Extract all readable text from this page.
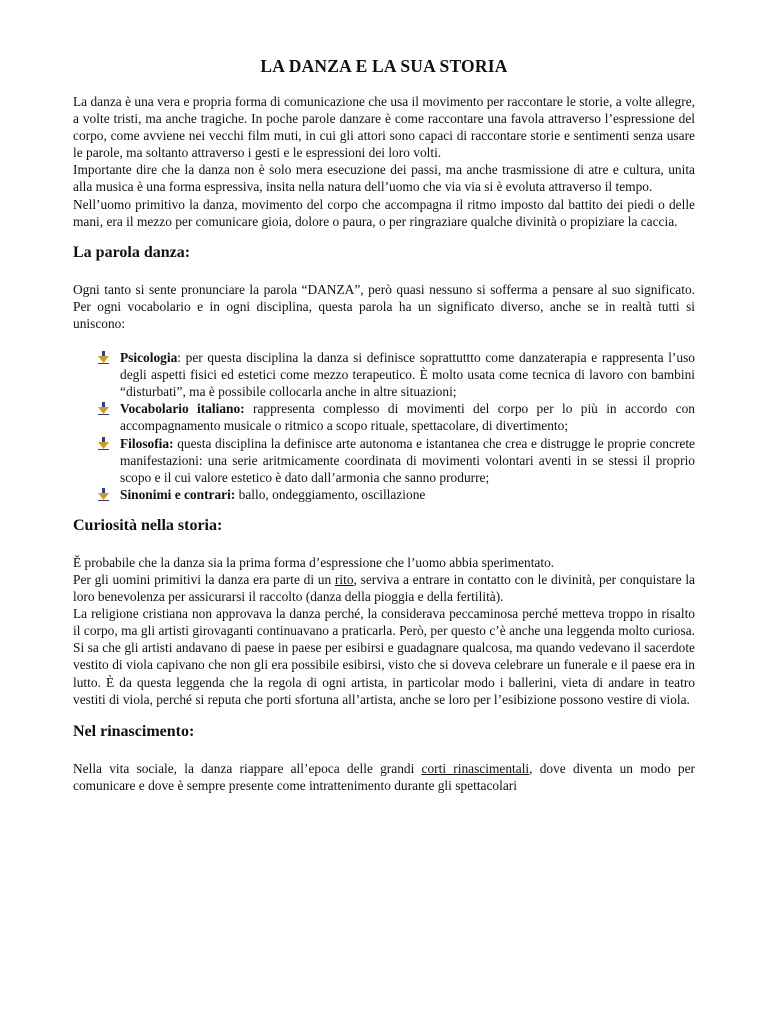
LA DANZA E LA SUA STORIA

La danza è una vera e propria forma di comunicazione che usa il movimento per raccontare le storie, a volte allegre, a volte tristi, ma anche tragiche. In poche parole danzare è come raccontare una favola attraverso l’espressione del corpo, come avviene nei vecchi film muti, in cui gli attori sono capaci di raccontare storie e sentimenti senza usare le parole, ma soltanto attraverso i gesti e le espressioni dei loro volti.

Importante dire che la danza non è solo mera esecuzione dei passi, ma anche trasmissione di atre e cultura, unita alla musica è una forma espressiva, insita nella natura dell’uomo che via via si è evoluta attraverso il tempo.

Nell’uomo primitivo la danza, movimento del corpo che accompagna il ritmo imposto dal battito dei piedi o delle mani, era il mezzo per comunicare gioia, dolore o paura, o per ringraziare qualche divinità o propiziare la caccia.

La parola danza:

Ogni tanto si sente pronunciare la parola “DANZA”, però quasi nessuno si sofferma a pensare al suo significato. Per ogni vocabolario e in ogni disciplina, questa parola ha un significato diverso, anche se in realtà tutti si uniscono:

Psicologia: per questa disciplina la danza si definisce soprattuttto come danzaterapia e rappresenta l’uso degli aspetti fisici ed estetici come mezzo terapeutico. È molto usata come tecnica di lavoro con bambini “disturbati”, ma è possibile collocarla anche in altre situazioni;
Vocabolario italiano: rappresenta complesso di movimenti del corpo per lo più in accordo con accompagnamento musicale o ritmico a scopo rituale, spettacolare, di divertimento;
Filosofia: questa disciplina la definisce arte autonoma e istantanea che crea e distrugge le proprie concrete manifestazioni: una serie aritmicamente coordinata di movimenti volontari aventi in se stessi il proprio scopo e il cui valore estetico è dato dall’armonia che sanno produrre;
Sinonimi e contrari: ballo, ondeggiamento, oscillazione
Curiosità nella storia:

Ě probabile che la danza sia la prima forma d’espressione che l’uomo abbia sperimentato.

Per gli uomini primitivi la danza era parte di un rito, serviva a entrare in contatto con le divinità, per conquistare la loro benevolenza per assicurarsi il raccolto (danza della pioggia e della fertilità).

La religione cristiana non approvava la danza perché, la considerava peccaminosa perché metteva troppo in risalto il corpo, ma gli artisti girovaganti continuavano a praticarla. Però, per questo c’è anche una leggenda molto curiosa. Si sa che gli artisti andavano di paese in paese per esibirsi e guadagnare qualcosa, ma quando vedevano il sacerdote vestito di viola capivano che non gli era possibile esibirsi, visto che si doveva celebrare un funerale e il paese era in lutto. È da questa leggenda che la regola di ogni artista, in particolar modo i ballerini, vieta di andare in teatro vestiti di viola, perché si reputa che porti sfortuna all’artista, anche se loro per l’esibizione possono vestire di viola.

Nel rinascimento:

Nella vita sociale, la danza riappare all’epoca delle grandi corti rinascimentali, dove diventa un modo per comunicare e dove è sempre presente come intrattenimento durante gli spettacolari
